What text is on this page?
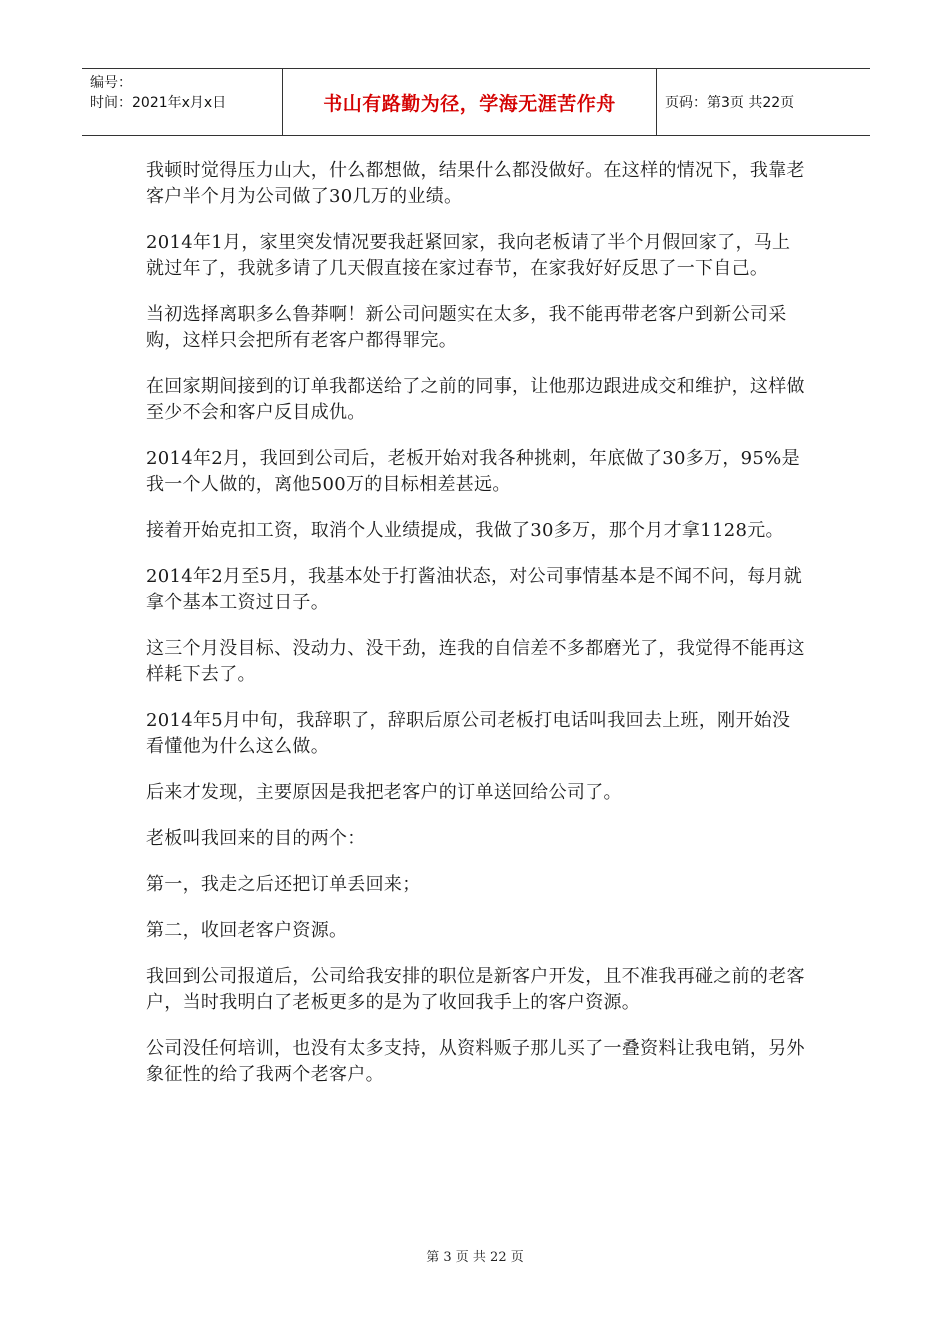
编号：
时间：2021年x月x日	书山有路勤为径，学海无涯苦作舟	页码：第3页 共22页

我顿时觉得压力山大，什么都想做，结果什么都没做好。在这样的情况下，我靠老客户半个月为公司做了30几万的业绩。

2014年1月，家里突发情况要我赶紧回家，我向老板请了半个月假回家了，马上就过年了，我就多请了几天假直接在家过春节，在家我好好反思了一下自己。

当初选择离职多么鲁莽啊！新公司问题实在太多，我不能再带老客户到新公司采购，这样只会把所有老客户都得罪完。

在回家期间接到的订单我都送给了之前的同事，让他那边跟进成交和维护，这样做至少不会和客户反目成仇。

2014年2月，我回到公司后，老板开始对我各种挑刺，年底做了30多万，95%是我一个人做的，离他500万的目标相差甚远。

接着开始克扣工资，取消个人业绩提成，我做了30多万，那个月才拿1128元。

2014年2月至5月，我基本处于打酱油状态，对公司事情基本是不闻不问，每月就拿个基本工资过日子。

这三个月没目标、没动力、没干劲，连我的自信差不多都磨光了，我觉得不能再这样耗下去了。

2014年5月中旬，我辞职了，辞职后原公司老板打电话叫我回去上班，刚开始没看懂他为什么这么做。

后来才发现，主要原因是我把老客户的订单送回给公司了。

老板叫我回来的目的两个：

第一，我走之后还把订单丢回来；

第二，收回老客户资源。

我回到公司报道后，公司给我安排的职位是新客户开发，且不准我再碰之前的老客户，当时我明白了老板更多的是为了收回我手上的客户资源。

公司没任何培训，也没有太多支持，从资料贩子那儿买了一叠资料让我电销，另外象征性的给了我两个老客户。

第 3 页 共 22 页
